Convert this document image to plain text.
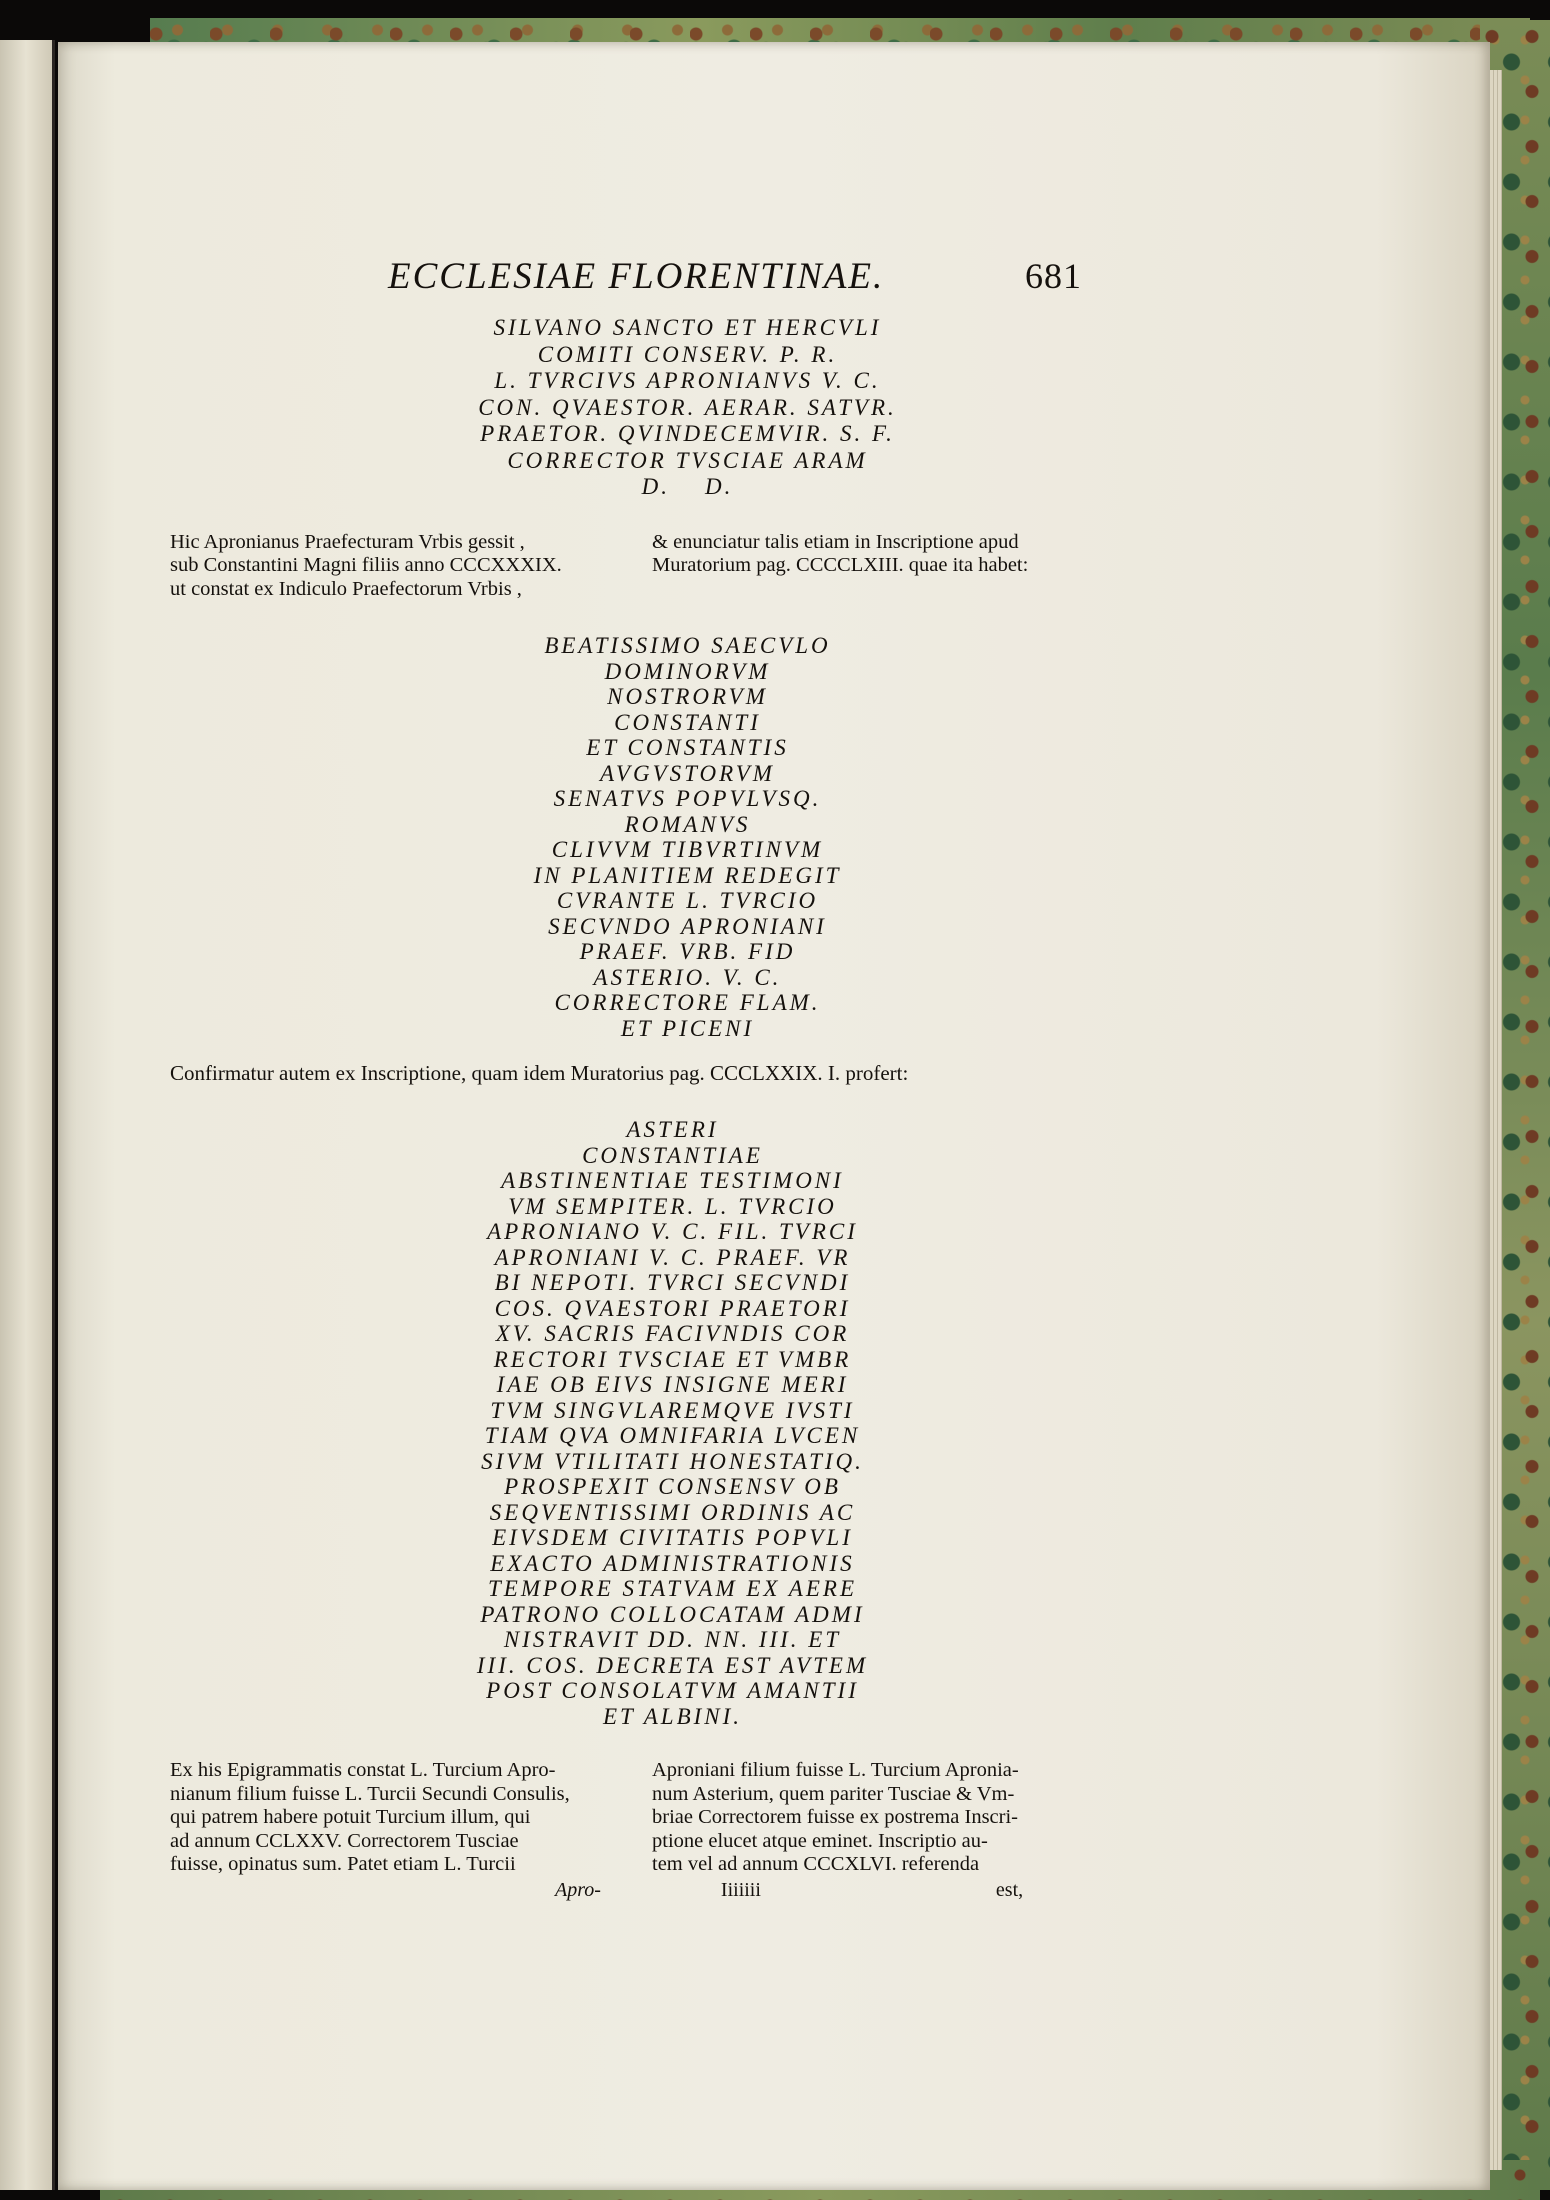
ECCLESIAE FLORENTINAE.	681
SILVANO SANCTO ET HERCVLI
COMITI CONSERV. P. R.
L. TVRCIVS APRONIANVS V. C.
CON. QVAESTOR. AERAR. SATVR.
PRAETOR. QVINDECEMVIR. S. F.
CORRECTOR TVSCIAE ARAM
D.    D.
Hic Apronianus Praefecturam Vrbis gessit ,
sub Constantini Magni filiis anno CCCXXXIX.
ut constat ex Indiculo Praefectorum Vrbis ,
& enunciatur talis etiam in Inscriptione apud
Muratorium pag. CCCCLXIII. quae ita habet:
BEATISSIMO SAECVLO
DOMINORVM
NOSTRORVM
CONSTANTI
ET CONSTANTIS
AVGVSTORVM
SENATVS POPVLVSQ.
ROMANVS
CLIVVM TIBVRTINVM
IN PLANITIEM REDEGIT
CVRANTE L. TVRCIO
SECVNDO APRONIANI
PRAEF. VRB. FID
ASTERIO. V. C.
CORRECTORE FLAM.
ET PICENI
Confirmatur autem ex Inscriptione, quam idem Muratorius pag. CCCLXXIX. I. profert:
ASTERI
CONSTANTIAE
ABSTINENTIAE TESTIMONI
VM SEMPITER. L. TVRCIO
APRONIANO V. C. FIL. TVRCI
APRONIANI V. C. PRAEF. VR
BI NEPOTI. TVRCI SECVNDI
COS. QVAESTORI PRAETORI
XV. SACRIS FACIVNDIS COR
RECTORI TVSCIAE ET VMBR
IAE OB EIVS INSIGNE MERI
TVM SINGVLAREMQVE IVSTI
TIAM QVA OMNIFARIA LVCEN
SIVM VTILITATI HONESTATIQ.
PROSPEXIT CONSENSV OB
SEQVENTISSIMI ORDINIS AC
EIVSDEM CIVITATIS POPVLI
EXACTO ADMINISTRATIONIS
TEMPORE STATVAM EX AERE
PATRONO COLLOCATAM ADMI
NISTRAVIT DD. NN. III. ET
III. COS. DECRETA EST AVTEM
POST CONSOLATVM AMANTII
ET ALBINI.
Ex his Epigrammatis constat L. Turcium Apro-
nianum filium fuisse L. Turcii Secundi Consulis,
qui patrem habere potuit Turcium illum, qui
ad annum CCLXXV. Correctorem Tusciae
fuisse, opinatus sum. Patet etiam L. Turcii
Aproniani filium fuisse L. Turcium Apronia-
num Asterium, quem pariter Tusciae & Vm-
briae Correctorem fuisse ex postrema Inscri-
ptione elucet atque eminet. Inscriptio au-
tem vel ad annum CCCXLVI. referenda
Apro-	Iiiiiii	est,
